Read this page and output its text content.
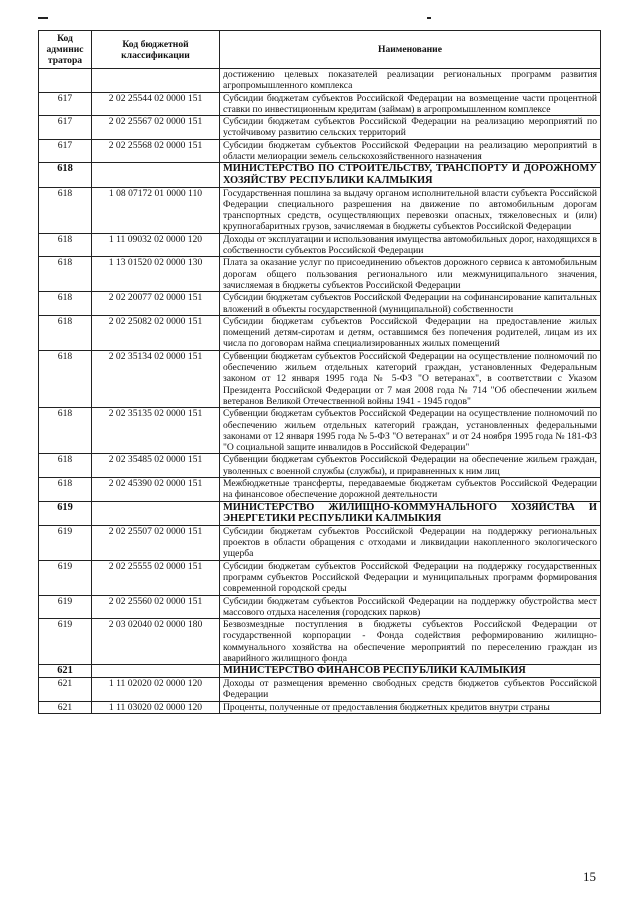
Код
админис
тратора	Код бюджетной
классификации	Наименование
		достижению целевых показателей реализации региональных программ развития агропромышленного комплекса
617	2 02 25544 02 0000 151	Субсидии бюджетам субъектов Российской Федерации на возмещение части процентной ставки по инвестиционным кредитам (займам) в агропромышленном комплексе
617	2 02 25567 02 0000 151	Субсидии бюджетам субъектов Российской Федерации на реализацию мероприятий по устойчивому развитию сельских территорий
617	2 02 25568 02 0000 151	Субсидии бюджетам субъектов Российской Федерации на реализацию мероприятий в области мелиорации земель сельскохозяйственного назначения
618		МИНИСТЕРСТВО ПО СТРОИТЕЛЬСТВУ, ТРАНСПОРТУ И ДОРОЖНОМУ ХОЗЯЙСТВУ РЕСПУБЛИКИ КАЛМЫКИЯ
618	1 08 07172 01 0000 110	Государственная пошлина за выдачу органом исполнительной власти субъекта Российской Федерации специального разрешения на движение по автомобильным дорогам транспортных средств, осуществляющих перевозки опасных, тяжеловесных и (или) крупногабаритных грузов, зачисляемая в бюджеты субъектов Российской Федерации
618	1 11 09032 02 0000 120	Доходы от эксплуатации и использования имущества автомобильных дорог, находящихся в собственности субъектов Российской Федерации
618	1 13 01520 02 0000 130	Плата за оказание услуг по присоединению объектов дорожного сервиса к автомобильным дорогам общего пользования регионального или межмуниципального значения, зачисляемая в бюджеты субъектов Российской Федерации
618	2 02 20077 02 0000 151	Субсидии бюджетам субъектов Российской Федерации на софинансирование капитальных вложений в объекты государственной (муниципальной) собственности
618	2 02 25082 02 0000 151	Субсидии бюджетам субъектов Российской Федерации на предоставление жилых помещений детям-сиротам и детям, оставшимся без попечения родителей, лицам из их числа по договорам найма специализированных жилых помещений
618	2 02 35134 02 0000 151	Субвенции бюджетам субъектов Российской Федерации на осуществление полномочий по обеспечению жильем отдельных категорий граждан, установленных Федеральным законом от 12 января 1995 года № 5-ФЗ "О ветеранах", в соответствии с Указом Президента Российской Федерации от 7 мая 2008 года № 714 "Об обеспечении жильем ветеранов Великой Отечественной войны 1941 - 1945 годов"
618	2 02 35135 02 0000 151	Субвенции бюджетам субъектов Российской Федерации на осуществление полномочий по обеспечению жильем отдельных категорий граждан, установленных федеральными законами от 12 января 1995 года № 5-ФЗ "О ветеранах" и от 24 ноября 1995 года № 181-ФЗ "О социальной защите инвалидов в Российской Федерации"
618	2 02 35485 02 0000 151	Субвенции бюджетам субъектов Российской Федерации на обеспечение жильем граждан, уволенных с военной службы (службы), и приравненных к ним лиц
618	2 02 45390 02 0000 151	Межбюджетные трансферты, передаваемые бюджетам субъектов Российской Федерации на финансовое обеспечение дорожной деятельности
619		МИНИСТЕРСТВО ЖИЛИЩНО-КОММУНАЛЬНОГО ХОЗЯЙСТВА И ЭНЕРГЕТИКИ РЕСПУБЛИКИ КАЛМЫКИЯ
619	2 02 25507 02 0000 151	Субсидии бюджетам субъектов Российской Федерации на поддержку региональных проектов в области обращения с отходами и ликвидации накопленного экологического ущерба
619	2 02 25555 02 0000 151	Субсидии бюджетам субъектов Российской Федерации на поддержку государственных программ субъектов Российской Федерации и муниципальных программ формирования современной городской среды
619	2 02 25560 02 0000 151	Субсидии бюджетам субъектов Российской Федерации на поддержку обустройства мест массового отдыха населения (городских парков)
619	2 03 02040 02 0000 180	Безвозмездные поступления в бюджеты субъектов Российской Федерации от государственной корпорации - Фонда содействия реформированию жилищно-коммунального хозяйства на обеспечение мероприятий по переселению граждан из аварийного жилищного фонда
621		МИНИСТЕРСТВО ФИНАНСОВ РЕСПУБЛИКИ КАЛМЫКИЯ
621	1 11 02020 02 0000 120	Доходы от размещения временно свободных средств бюджетов субъектов Российской Федерации
621	1 11 03020 02 0000 120	Проценты, полученные от предоставления бюджетных кредитов внутри страны
15
